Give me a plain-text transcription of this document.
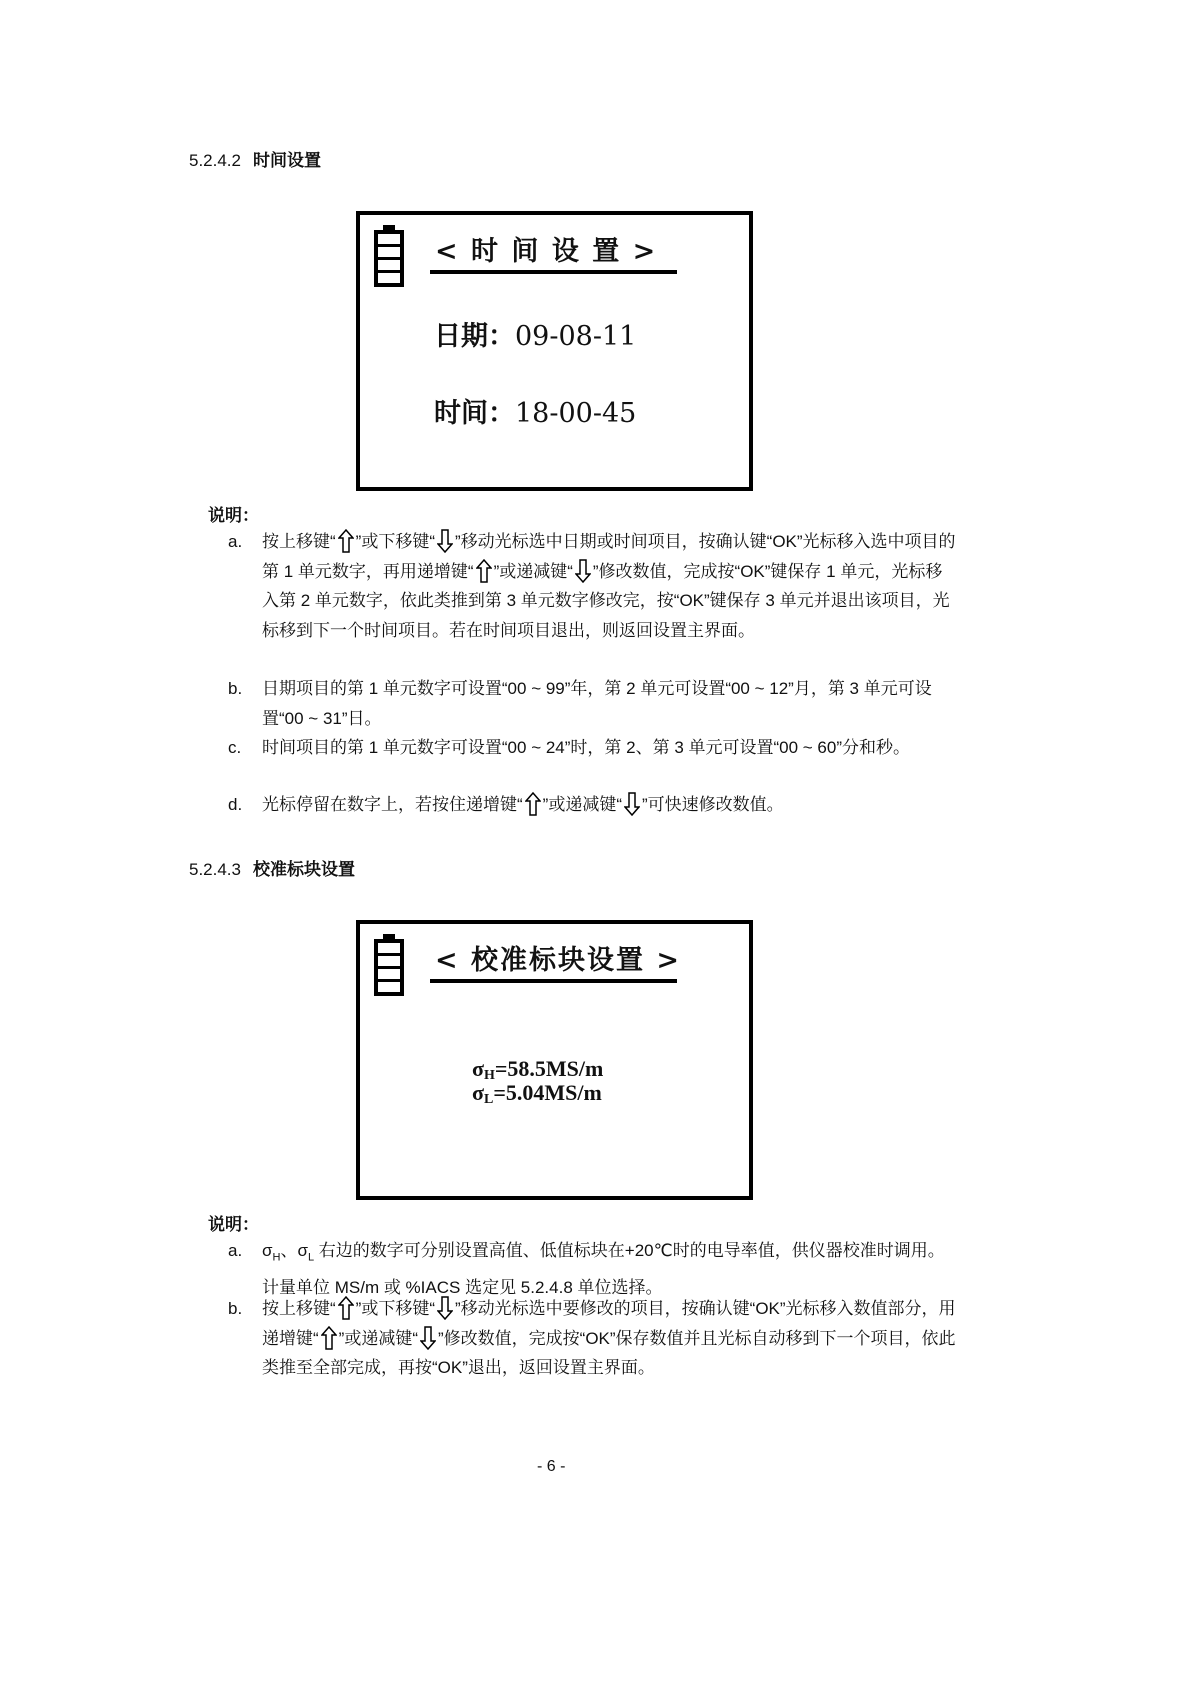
5.2.4.2 时间设置
< 时 间 设 置 >
日期：09-08-11
时间：18-00-45
说明：
a. 按上移键“ ”或下移键“ ”移动光标选中日期或时间项目，按确认键“OK”光标移入选中项目的第 1 单元数字，再用递增键“ ”或递减键“ ”修改数值，完成按“OK”键保存 1 单元，光标移入第 2 单元数字，依此类推到第 3 单元数字修改完，按“OK”键保存 3 单元并退出该项目，光标移到下一个时间项目。若在时间项目退出，则返回设置主界面。
b. 日期项目的第 1 单元数字可设置“00 ~ 99”年，第 2 单元可设置“00 ~ 12”月，第 3 单元可设置“00 ~ 31”日。
c. 时间项目的第 1 单元数字可设置“00 ~ 24”时，第 2、第 3 单元可设置“00 ~ 60”分和秒。
d. 光标停留在数字上，若按住递增键“ ”或递减键“ ”可快速修改数值。
5.2.4.3 校准标块设置
< 校准标块设置 >
$\sigma_H=58.5MS/m$
$\sigma_L=5.04MS/m$
说明：
a. $\sigma_H$、$\sigma_L$ 右边的数字可分别设置高值、低值标块在+20℃时的电导率值，供仪器校准时调用。计量单位 MS/m 或 %IACS 选定见 5.2.4.8 单位选择。
b. 按上移键“ ”或下移键“ ”移动光标选中要修改的项目，按确认键“OK”光标移入数值部分，用递增键“ ”或递减键“ ”修改数值，完成按“OK”保存数值并且光标自动移到下一个项目，依此类推至全部完成，再按“OK”退出，返回设置主界面。
- 6 -
